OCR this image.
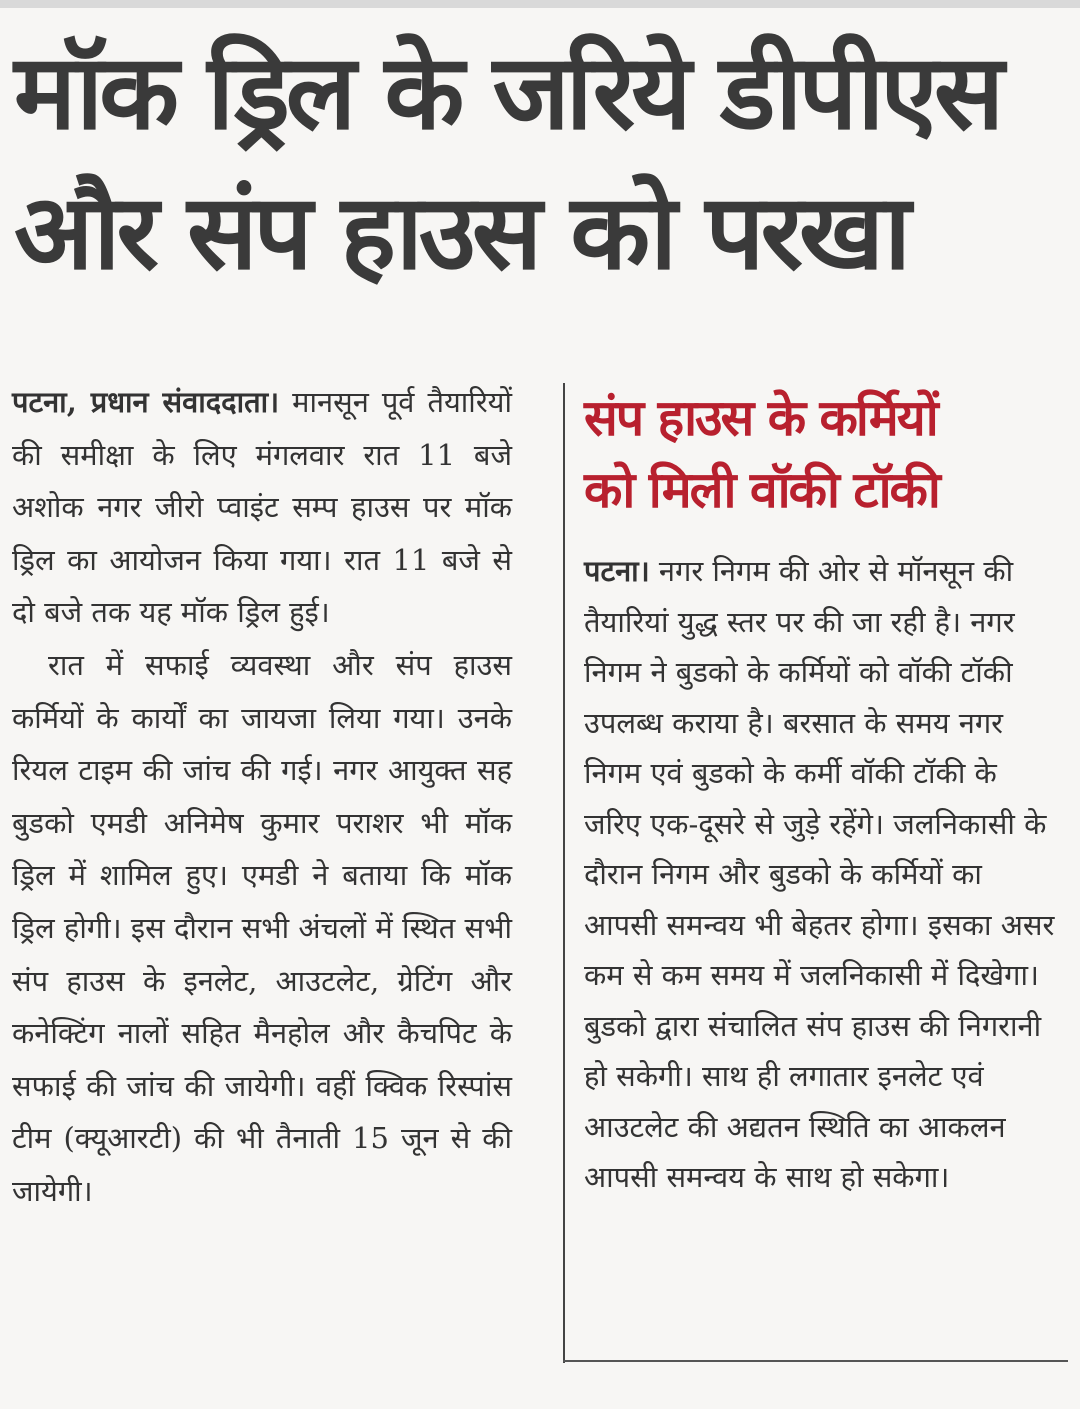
मॉक ड्रिल के जरिये डीपीएस
और संप हाउस को परखा

पटना, प्रधान संवाददाता। मानसून पूर्व तैयारियों की समीक्षा के लिए मंगलवार रात 11 बजे अशोक नगर जीरो प्वाइंट सम्प हाउस पर मॉक ड्रिल का आयोजन किया गया। रात 11 बजे से दो बजे तक यह मॉक ड्रिल हुई।

रात में सफाई व्यवस्था और संप हाउस कर्मियों के कार्यों का जायजा लिया गया। उनके रियल टाइम की जांच की गई। नगर आयुक्त सह बुडको एमडी अनिमेष कुमार पराशर भी मॉक ड्रिल में शामिल हुए। एमडी ने बताया कि मॉक ड्रिल होगी। इस दौरान सभी अंचलों में स्थित सभी संप हाउस के इनलेट, आउटलेट, ग्रेटिंग और कनेक्टिंग नालों सहित मैनहोल और कैचपिट के सफाई की जांच की जायेगी। वहीं क्विक रिस्पांस टीम (क्यूआरटी) की भी तैनाती 15 जून से की जायेगी।

संप हाउस के कर्मियों
को मिली वॉकी टॉकी

पटना। नगर निगम की ओर से मॉनसून की तैयारियां युद्ध स्तर पर की जा रही है। नगर निगम ने बुडको के कर्मियों को वॉकी टॉकी उपलब्ध कराया है। बरसात के समय नगर निगम एवं बुडको के कर्मी वॉकी टॉकी के जरिए एक-दूसरे से जुड़े रहेंगे। जलनिकासी के दौरान निगम और बुडको के कर्मियों का आपसी समन्वय भी बेहतर होगा। इसका असर कम से कम समय में जलनिकासी में दिखेगा। बुडको द्वारा संचालित संप हाउस की निगरानी हो सकेगी। साथ ही लगातार इनलेट एवं आउटलेट की अद्यतन स्थिति का आकलन आपसी समन्वय के साथ हो सकेगा।
